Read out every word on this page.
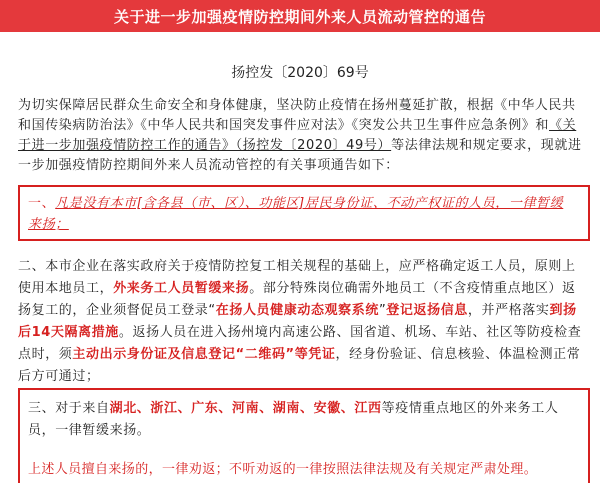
关于进一步加强疫情防控期间外来人员流动管控的通告
扬控发〔2020〕69号
为切实保障居民群众生命安全和身体健康，坚决防止疫情在扬州蔓延扩散，根据《中华人民共和国传染病防治法》《中华人民共和国突发事件应对法》《突发公共卫生事件应急条例》和《关于进一步加强疫情防控工作的通告》（扬控发〔2020〕49号）等法律法规和规定要求，现就进一步加强疫情防控期间外来人员流动管控的有关事项通告如下：
一、凡是没有本市[含各县（市、区）、功能区]居民身份证、不动产权证的人员，一律暂缓来扬；
二、本市企业在落实政府关于疫情防控复工相关规程的基础上，应严格确定返工人员，原则上使用本地员工，外来务工人员暂缓来扬。部分特殊岗位确需外地员工（不含疫情重点地区）返扬复工的，企业须督促员工登录“在扬人员健康动态观察系统”登记返扬信息，并严格落实到扬后14天隔离措施。返扬人员在进入扬州境内高速公路、国省道、机场、车站、社区等防疫检查点时，须主动出示身份证及信息登记“二维码”等凭证，经身份验证、信息核验、体温检测正常后方可通过；
三、对于来自湖北、浙江、广东、河南、湖南、安徽、江西等疫情重点地区的外来务工人员，一律暂缓来扬。
上述人员擅自来扬的，一律劝返；不听劝返的一律按照法律法规及有关规定严肃处理。
